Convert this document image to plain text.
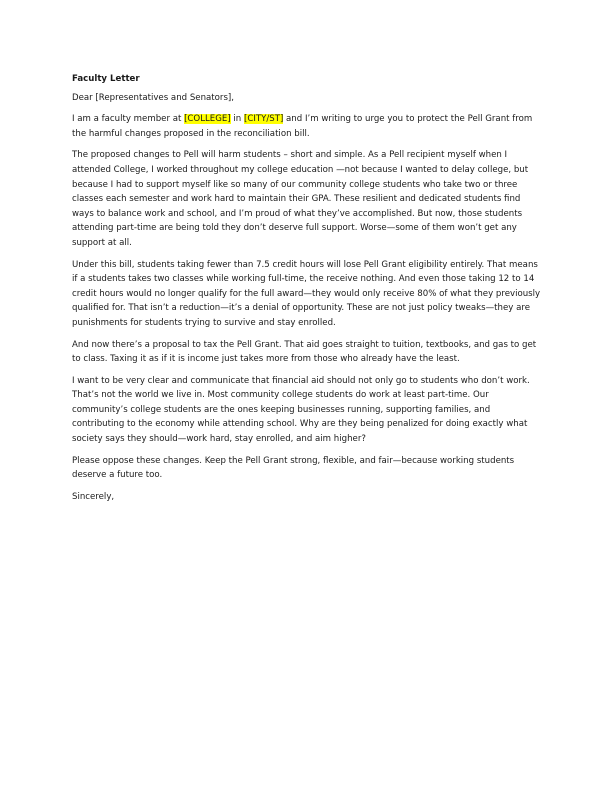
Faculty Letter
Dear [Representatives and Senators],
I am a faculty member at [COLLEGE] in [CITY/ST] and I’m writing to urge you to protect the Pell Grant from the harmful changes proposed in the reconciliation bill.
The proposed changes to Pell will harm students – short and simple. As a Pell recipient myself when I attended College, I worked throughout my college education —not because I wanted to delay college, but because I had to support myself like so many of our community college students who take two or three classes each semester and work hard to maintain their GPA. These resilient and dedicated students find ways to balance work and school, and I’m proud of what they’ve accomplished. But now, those students attending part-time are being told they don’t deserve full support. Worse—some of them won’t get any support at all.
Under this bill, students taking fewer than 7.5 credit hours will lose Pell Grant eligibility entirely. That means if a students takes two classes while working full-time, the receive nothing. And even those taking 12 to 14 credit hours would no longer qualify for the full award—they would only receive 80% of what they previously qualified for. That isn’t a reduction—it’s a denial of opportunity. These are not just policy tweaks—they are punishments for students trying to survive and stay enrolled.
And now there’s a proposal to tax the Pell Grant. That aid goes straight to tuition, textbooks, and gas to get to class. Taxing it as if it is income just takes more from those who already have the least.
I want to be very clear and communicate that financial aid should not only go to students who don’t work. That’s not the world we live in. Most community college students do work at least part-time. Our community’s college students are the ones keeping businesses running, supporting families, and contributing to the economy while attending school. Why are they being penalized for doing exactly what society says they should—work hard, stay enrolled, and aim higher?
Please oppose these changes. Keep the Pell Grant strong, flexible, and fair—because working students deserve a future too.
Sincerely,
